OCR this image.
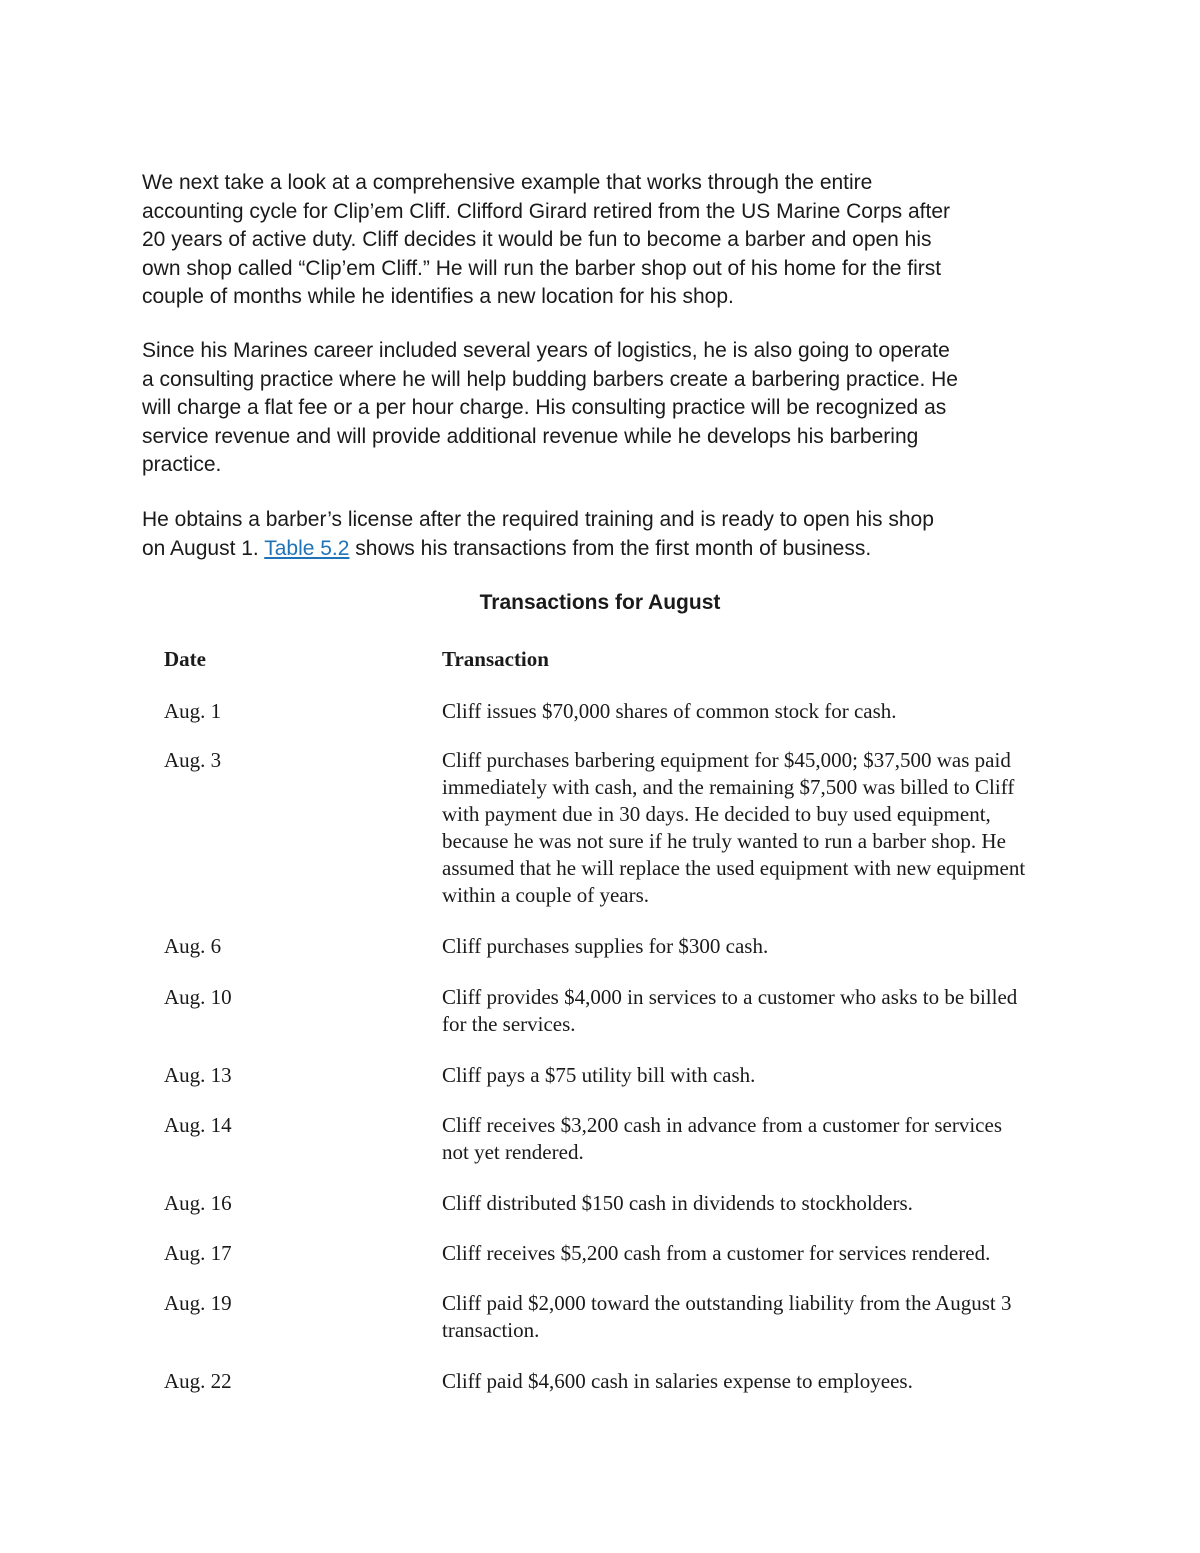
We next take a look at a comprehensive example that works through the entire
accounting cycle for Clip’em Cliff. Clifford Girard retired from the US Marine Corps after
20 years of active duty. Cliff decides it would be fun to become a barber and open his
own shop called “Clip’em Cliff.” He will run the barber shop out of his home for the first
couple of months while he identifies a new location for his shop.

Since his Marines career included several years of logistics, he is also going to operate
a consulting practice where he will help budding barbers create a barbering practice. He
will charge a flat fee or a per hour charge. His consulting practice will be recognized as
service revenue and will provide additional revenue while he develops his barbering
practice.

He obtains a barber’s license after the required training and is ready to open his shop
on August 1. Table 5.2 shows his transactions from the first month of business.

Transactions for August
Date	Transaction
Aug. 1	Cliff issues $70,000 shares of common stock for cash.
Aug. 3	Cliff purchases barbering equipment for $45,000; $37,500 was paid
immediately with cash, and the remaining $7,500 was billed to Cliff
with payment due in 30 days. He decided to buy used equipment,
because he was not sure if he truly wanted to run a barber shop. He
assumed that he will replace the used equipment with new equipment
within a couple of years.
Aug. 6	Cliff purchases supplies for $300 cash.
Aug. 10	Cliff provides $4,000 in services to a customer who asks to be billed
for the services.
Aug. 13	Cliff pays a $75 utility bill with cash.
Aug. 14	Cliff receives $3,200 cash in advance from a customer for services
not yet rendered.
Aug. 16	Cliff distributed $150 cash in dividends to stockholders.
Aug. 17	Cliff receives $5,200 cash from a customer for services rendered.
Aug. 19	Cliff paid $2,000 toward the outstanding liability from the August 3
transaction.
Aug. 22	Cliff paid $4,600 cash in salaries expense to employees.
